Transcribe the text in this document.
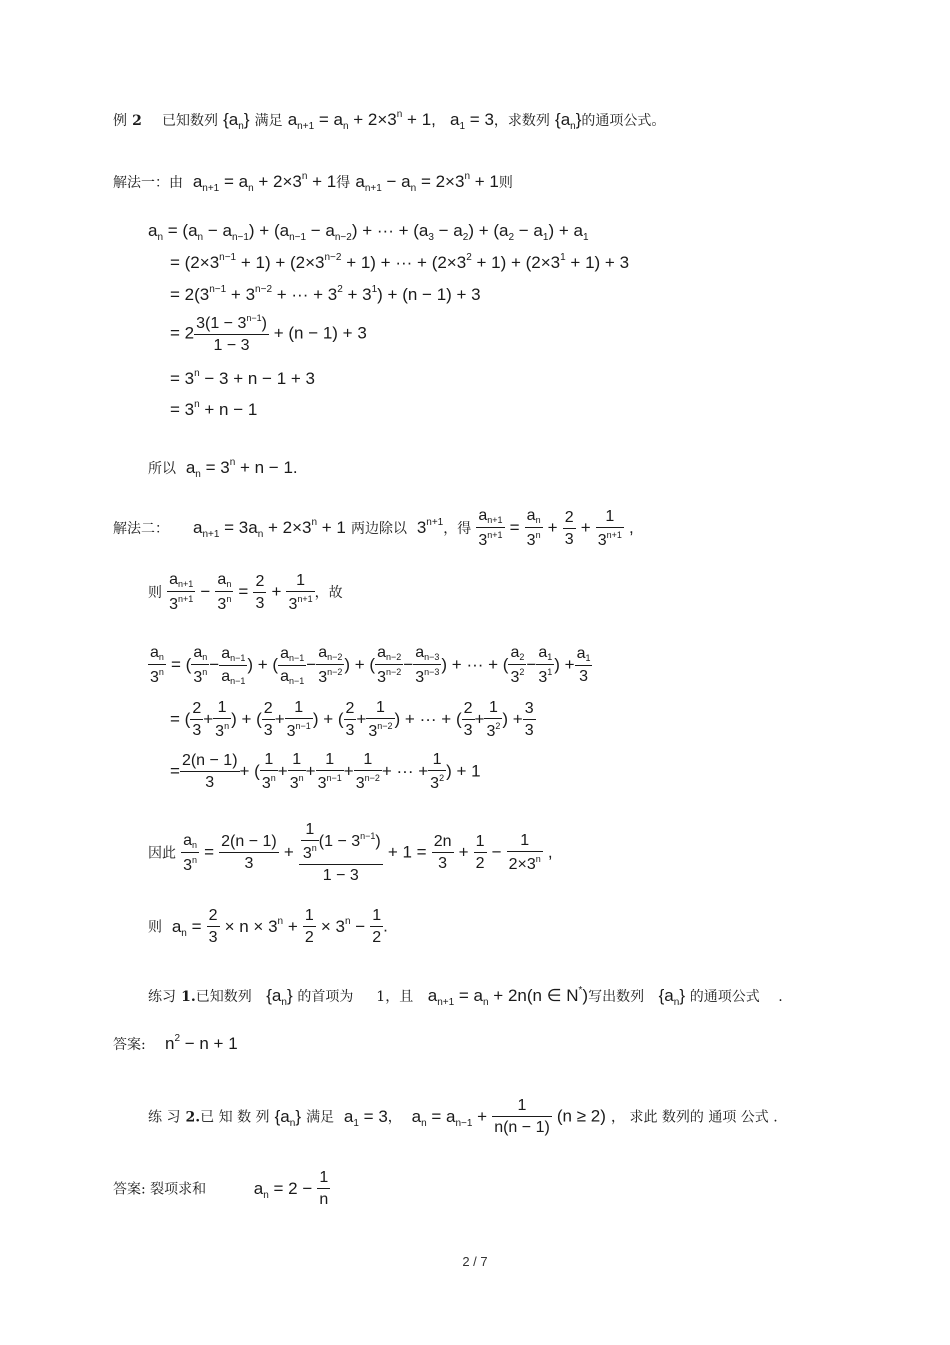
例 2 已知数列 $\{a_n\}$ 满足 $a_{n+1} = a_n + 2\times 3^n + 1$,   $a_1 = 3$，求数列 $\{a_n\}$的通项公式。
解法一：由  $a_{n+1} = a_n + 2\times 3^n + 1$得 $a_{n+1} - a_n = 2\times 3^n + 1$则
$a_n = (a_n - a_{n-1}) + (a_{n-1} - a_{n-2})$ + ··· + $(a_3 - a_2) + (a_2 - a_1) + a_1$
= $(2\times 3^{n-1} + 1) + (2\times 3^{n-2} + 1)$ + ··· + $(2\times 3^2 + 1) + (2\times 3^1 + 1) + 3$
= $2(3^{n-1} + 3^{n-2}$ + ··· + $3^2 + 3^1) + (n - 1) + 3$
= $2 \frac{3(1 - 3^{n-1})}{1 - 3} + (n - 1) + 3$
= $3^n - 3 + n - 1 + 3$
= $3^n + n - 1$
所以  $a_n = 3^n + n - 1$.
解法二：     $a_{n+1} = 3a_n + 2\times 3^n + 1$ 两边除以  $3^{n+1}$，得 $\frac{a_{n+1}}{3^{n+1}} = \frac{a_n}{3^n} + \frac{2}{3} + \frac{1}{3^{n+1}}$ ,
则 $\frac{a_{n+1}}{3^{n+1}} - \frac{a_n}{3^n} = \frac{2}{3} + \frac{1}{3^{n+1}}$ ，故
$\frac{a_n}{3^n}$ = ( $\frac{a_n}{3^n} - \frac{a_{n-1}}{a_{n-1}}$ ) + ( $\frac{a_{n-1}}{a_{n-1}} - \frac{a_{n-2}}{3^{n-2}}$ ) + ( $\frac{a_{n-2}}{3^{n-2}} - \frac{a_{n-3}}{3^{n-3}}$ ) + ··· + ( $\frac{a_2}{3^2} - \frac{a_1}{3^1}$ ) + $\frac{a_1}{3}$
= ( $\frac{2}{3} + \frac{1}{3^n}$ ) + ( $\frac{2}{3} + \frac{1}{3^{n-1}}$ ) + ( $\frac{2}{3} + \frac{1}{3^{n-2}}$ ) + ··· + ( $\frac{2}{3} + \frac{1}{3^2}$ ) + $\frac{3}{3}$
= $\frac{2(n - 1)}{3}$ + ( $\frac{1}{3^n} + \frac{1}{3^n} + \frac{1}{3^{n-1}} + \frac{1}{3^{n-2}}$ + ··· + $\frac{1}{3^2}$ ) + 1
因此 $\frac{a_n}{3^n} = \frac{2(n - 1)}{3} + \frac{\frac{1}{3^n} (1 - 3^{n-1})}{1 - 3} + 1 = \frac{2n}{3} + \frac{1}{2} - \frac{1}{2\times 3^n}$ ,
则  $a_n = \frac{2}{3} \times n \times 3^n + \frac{1}{2} \times 3^n - \frac{1}{2}$ .
练习 1.已知数列   $\{a_n\}$ 的首项为 1，且   $a_{n+1} = a_n + 2n(n$ ∈ N*)写出数列   $\{a_n\}$ 的通项公式 .
答案:    $n^2 - n + 1$
练 习 2.已 知 数 列 $\{a_n\}$ 满足  $a_1 = 3$，  $a_n = a_{n-1} + \frac{1}{n(n - 1)} (n \ge 2)$ ， 求此 数列的 通项 公式 .
答案: 裂项求和          $a_n = 2 - \frac{1}{n}$
2 / 7
